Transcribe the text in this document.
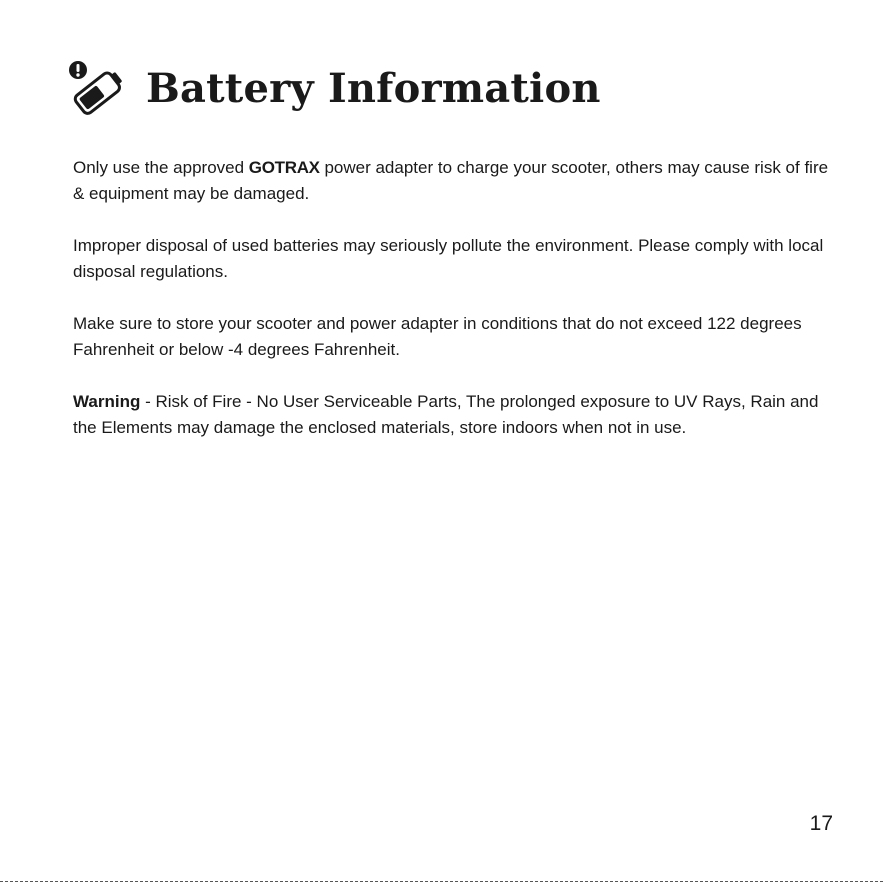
Battery Information

Only use the approved GOTRAX power adapter to charge your scooter, others may cause risk of fire & equipment may be damaged.

Improper disposal of used batteries may seriously pollute the environment. Please comply with local disposal regulations.

Make sure to store your scooter and power adapter in conditions that do not exceed 122 degrees Fahrenheit or below -4 degrees Fahrenheit.

Warning - Risk of Fire - No User Serviceable Parts, The prolonged exposure to UV Rays, Rain and the Elements may damage the enclosed materials, store indoors when not in use.

17
